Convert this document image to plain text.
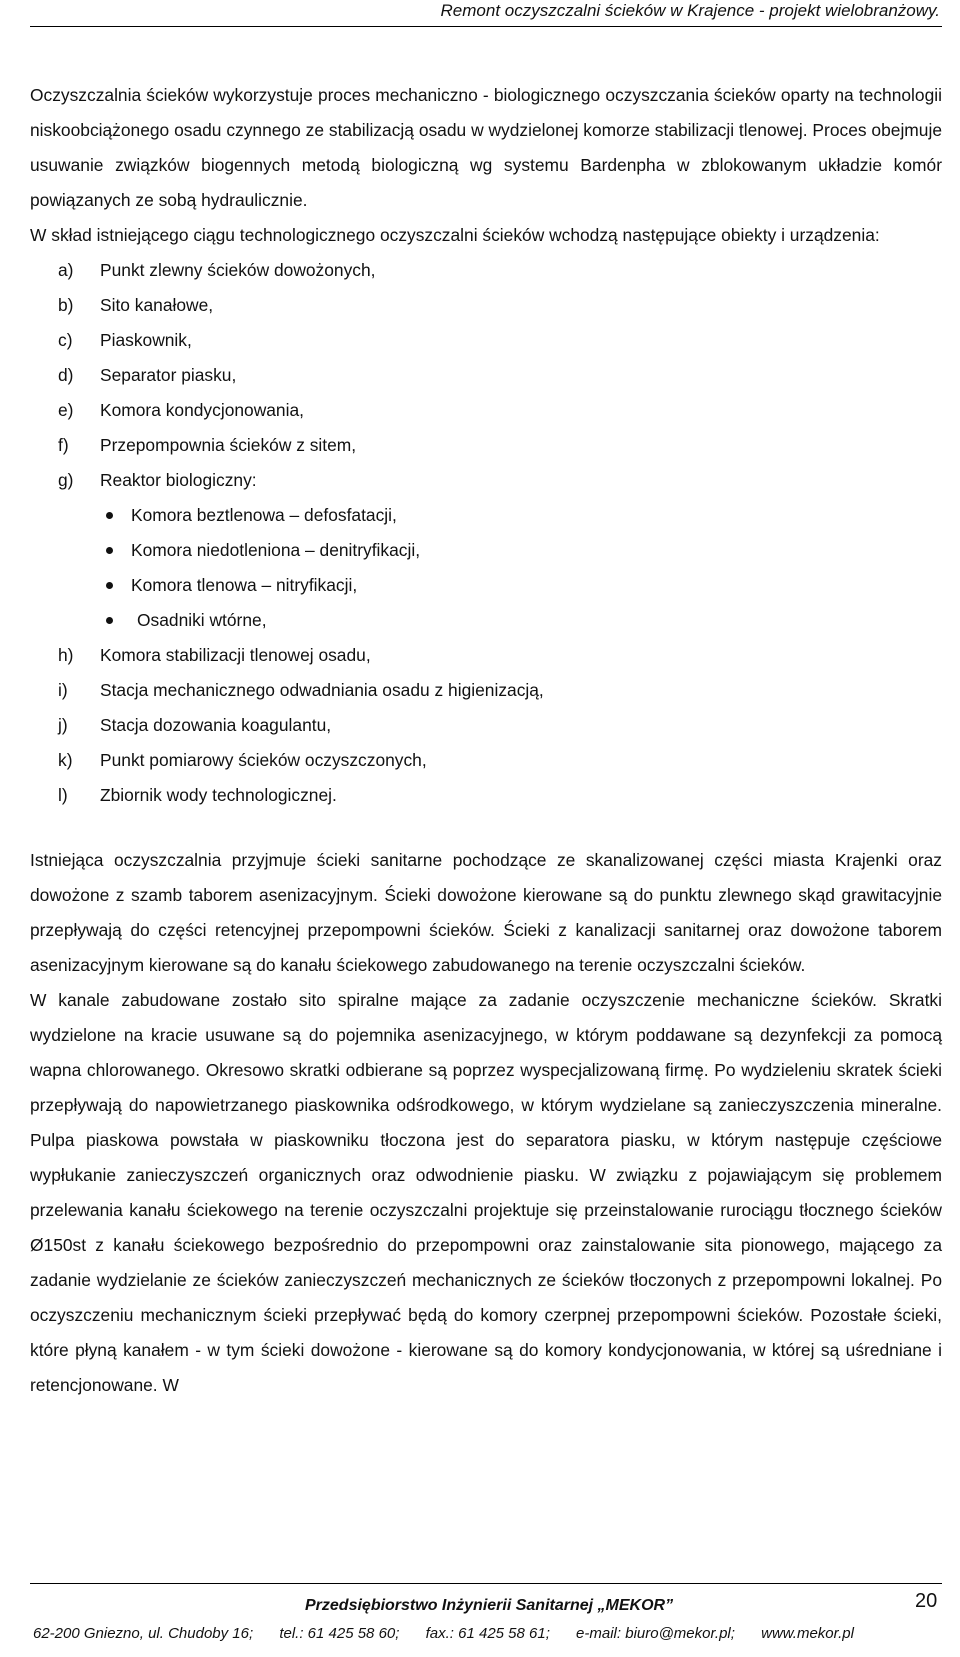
Remont oczyszczalni ścieków w Krajence - projekt wielobranżowy.

Oczyszczalnia ścieków wykorzystuje proces mechaniczno - biologicznego oczyszczania ścieków oparty na technologii niskoobciążonego osadu czynnego ze stabilizacją osadu w wydzielonej komorze stabilizacji tlenowej. Proces obejmuje usuwanie związków biogennych metodą biologiczną wg systemu Bardenpha w zblokowanym układzie komór powiązanych ze sobą hydraulicznie.

W skład istniejącego ciągu technologicznego oczyszczalni ścieków wchodzą następujące obiekty i urządzenia:

a) Punkt zlewny ścieków dowożonych,
b) Sito kanałowe,
c) Piaskownik,
d) Separator piasku,
e) Komora kondycjonowania,
f) Przepompownia ścieków z sitem,
g) Reaktor biologiczny:
Komora beztlenowa – defosfatacji,
Komora niedotleniona – denitryfikacji,
Komora tlenowa – nitryfikacji,
Osadniki wtórne,
h) Komora stabilizacji tlenowej osadu,
i) Stacja mechanicznego odwadniania osadu z higienizacją,
j) Stacja dozowania koagulantu,
k) Punkt pomiarowy ścieków oczyszczonych,
l) Zbiornik wody technologicznej.

Istniejąca oczyszczalnia przyjmuje ścieki sanitarne pochodzące ze skanalizowanej części miasta Krajenki oraz dowożone z szamb taborem asenizacyjnym. Ścieki dowożone kierowane są do punktu zlewnego skąd grawitacyjnie przepływają do części retencyjnej przepompowni ścieków. Ścieki z kanalizacji sanitarnej oraz dowożone taborem asenizacyjnym kierowane są do kanału ściekowego zabudowanego na terenie oczyszczalni ścieków.

W kanale zabudowane zostało sito spiralne mające za zadanie oczyszczenie mechaniczne ścieków. Skratki wydzielone na kracie usuwane są do pojemnika asenizacyjnego, w którym poddawane są dezynfekcji za pomocą wapna chlorowanego. Okresowo skratki odbierane są poprzez wyspecjalizowaną firmę. Po wydzieleniu skratek ścieki przepływają do napowietrzanego piaskownika odśrodkowego, w którym wydzielane są zanieczyszczenia mineralne. Pulpa piaskowa powstała w piaskowniku tłoczona jest do separatora piasku, w którym następuje częściowe wypłukanie zanieczyszczeń organicznych oraz odwodnienie piasku. W związku z pojawiającym się problemem przelewania kanału ściekowego na terenie oczyszczalni projektuje się przeinstalowanie rurociągu tłocznego ścieków Ø150st z kanału ściekowego bezpośrednio do przepompowni oraz zainstalowanie sita pionowego, mającego za zadanie wydzielanie ze ścieków zanieczyszczeń mechanicznych ze ścieków tłoczonych z przepompowni lokalnej. Po oczyszczeniu mechanicznym ścieki przepływać będą do komory czerpnej przepompowni ścieków. Pozostałe ścieki, które płyną kanałem - w tym ścieki dowożone - kierowane są do komory kondycjonowania, w której są uśredniane i retencjonowane. W

Przedsiębiorstwo Inżynierii Sanitarnej „MEKOR”	20
62-200 Gniezno, ul. Chudoby 16; tel.: 61 425 58 60; fax.: 61 425 58 61; e-mail: biuro@mekor.pl; www.mekor.pl
